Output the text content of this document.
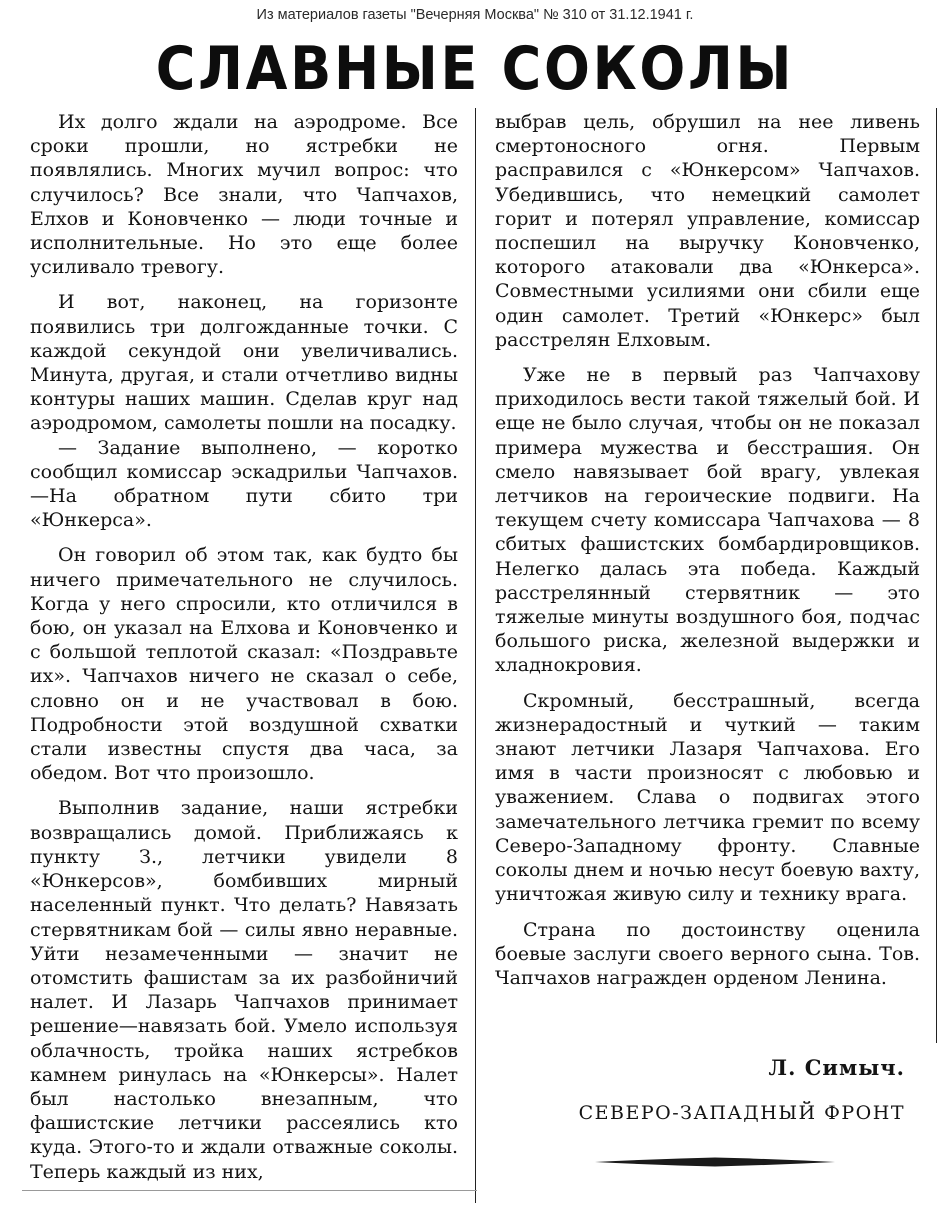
Из материалов газеты "Вечерняя Москва" № 310 от 31.12.1941 г.
СЛАВНЫЕ СОКОЛЫ

Их долго ждали на аэродроме. Все сроки прошли, но ястребки не появлялись. Многих мучил вопрос: что случилось? Все знали, что Чапчахов, Елхов и Коновченко — люди точные и исполнительные. Но это еще более усиливало тревогу.

И вот, наконец, на горизонте появились три долгожданные точки. С каждой секундой они увеличивались. Минута, другая, и стали отчетливо видны контуры наших машин. Сделав круг над аэродромом, самолеты пошли на посадку.

— Задание выполнено, — коротко сообщил комиссар эскадрильи Чапчахов.—На обратном пути сбито три «Юнкерса».

Он говорил об этом так, как будто бы ничего примечательного не случилось. Когда у него спросили, кто отличился в бою, он указал на Елхова и Коновченко и с большой теплотой сказал: «Поздравьте их». Чапчахов ничего не сказал о себе, словно он и не участвовал в бою. Подробности этой воздушной схватки стали известны спустя два часа, за обедом. Вот что произошло.

Выполнив задание, наши ястребки возвращались домой. Приближаясь к пункту З., летчики увидели 8 «Юнкерсов», бомбивших мирный населенный пункт. Что делать? Навязать стервятникам бой — силы явно неравные. Уйти незамеченными — значит не отомстить фашистам за их разбойничий налет. И Лазарь Чапчахов принимает решение—навязать бой. Умело используя облачность, тройка наших ястребков камнем ринулась на «Юнкерсы». Налет был настолько внезапным, что фашистские летчики рассеялись кто куда. Этого-то и ждали отважные соколы. Теперь каждый из них,

выбрав цель, обрушил на нее ливень смертоносного огня. Первым расправился с «Юнкерсом» Чапчахов. Убедившись, что немецкий самолет горит и потерял управление, комиссар поспешил на выручку Коновченко, которого атаковали два «Юнкерса». Совместными усилиями они сбили еще один самолет. Третий «Юнкерс» был расстрелян Елховым.

Уже не в первый раз Чапчахову приходилось вести такой тяжелый бой. И еще не было случая, чтобы он не показал примера мужества и бесстрашия. Он смело навязывает бой врагу, увлекая летчиков на героические подвиги. На текущем счету комиссара Чапчахова — 8 сбитых фашистских бомбардировщиков. Нелегко далась эта победа. Каждый расстрелянный стервятник — это тяжелые минуты воздушного боя, подчас большого риска, железной выдержки и хладнокровия.

Скромный, бесстрашный, всегда жизнерадостный и чуткий — таким знают летчики Лазаря Чапчахова. Его имя в части произносят с любовью и уважением. Слава о подвигах этого замечательного летчика гремит по всему Северо-Западному фронту. Славные соколы днем и ночью несут боевую вахту, уничтожая живую силу и технику врага.

Страна по достоинству оценила боевые заслуги своего верного сына. Тов. Чапчахов награжден орденом Ленина.

Л. Симыч.
СЕВЕРО-ЗАПАДНЫЙ ФРОНТ
